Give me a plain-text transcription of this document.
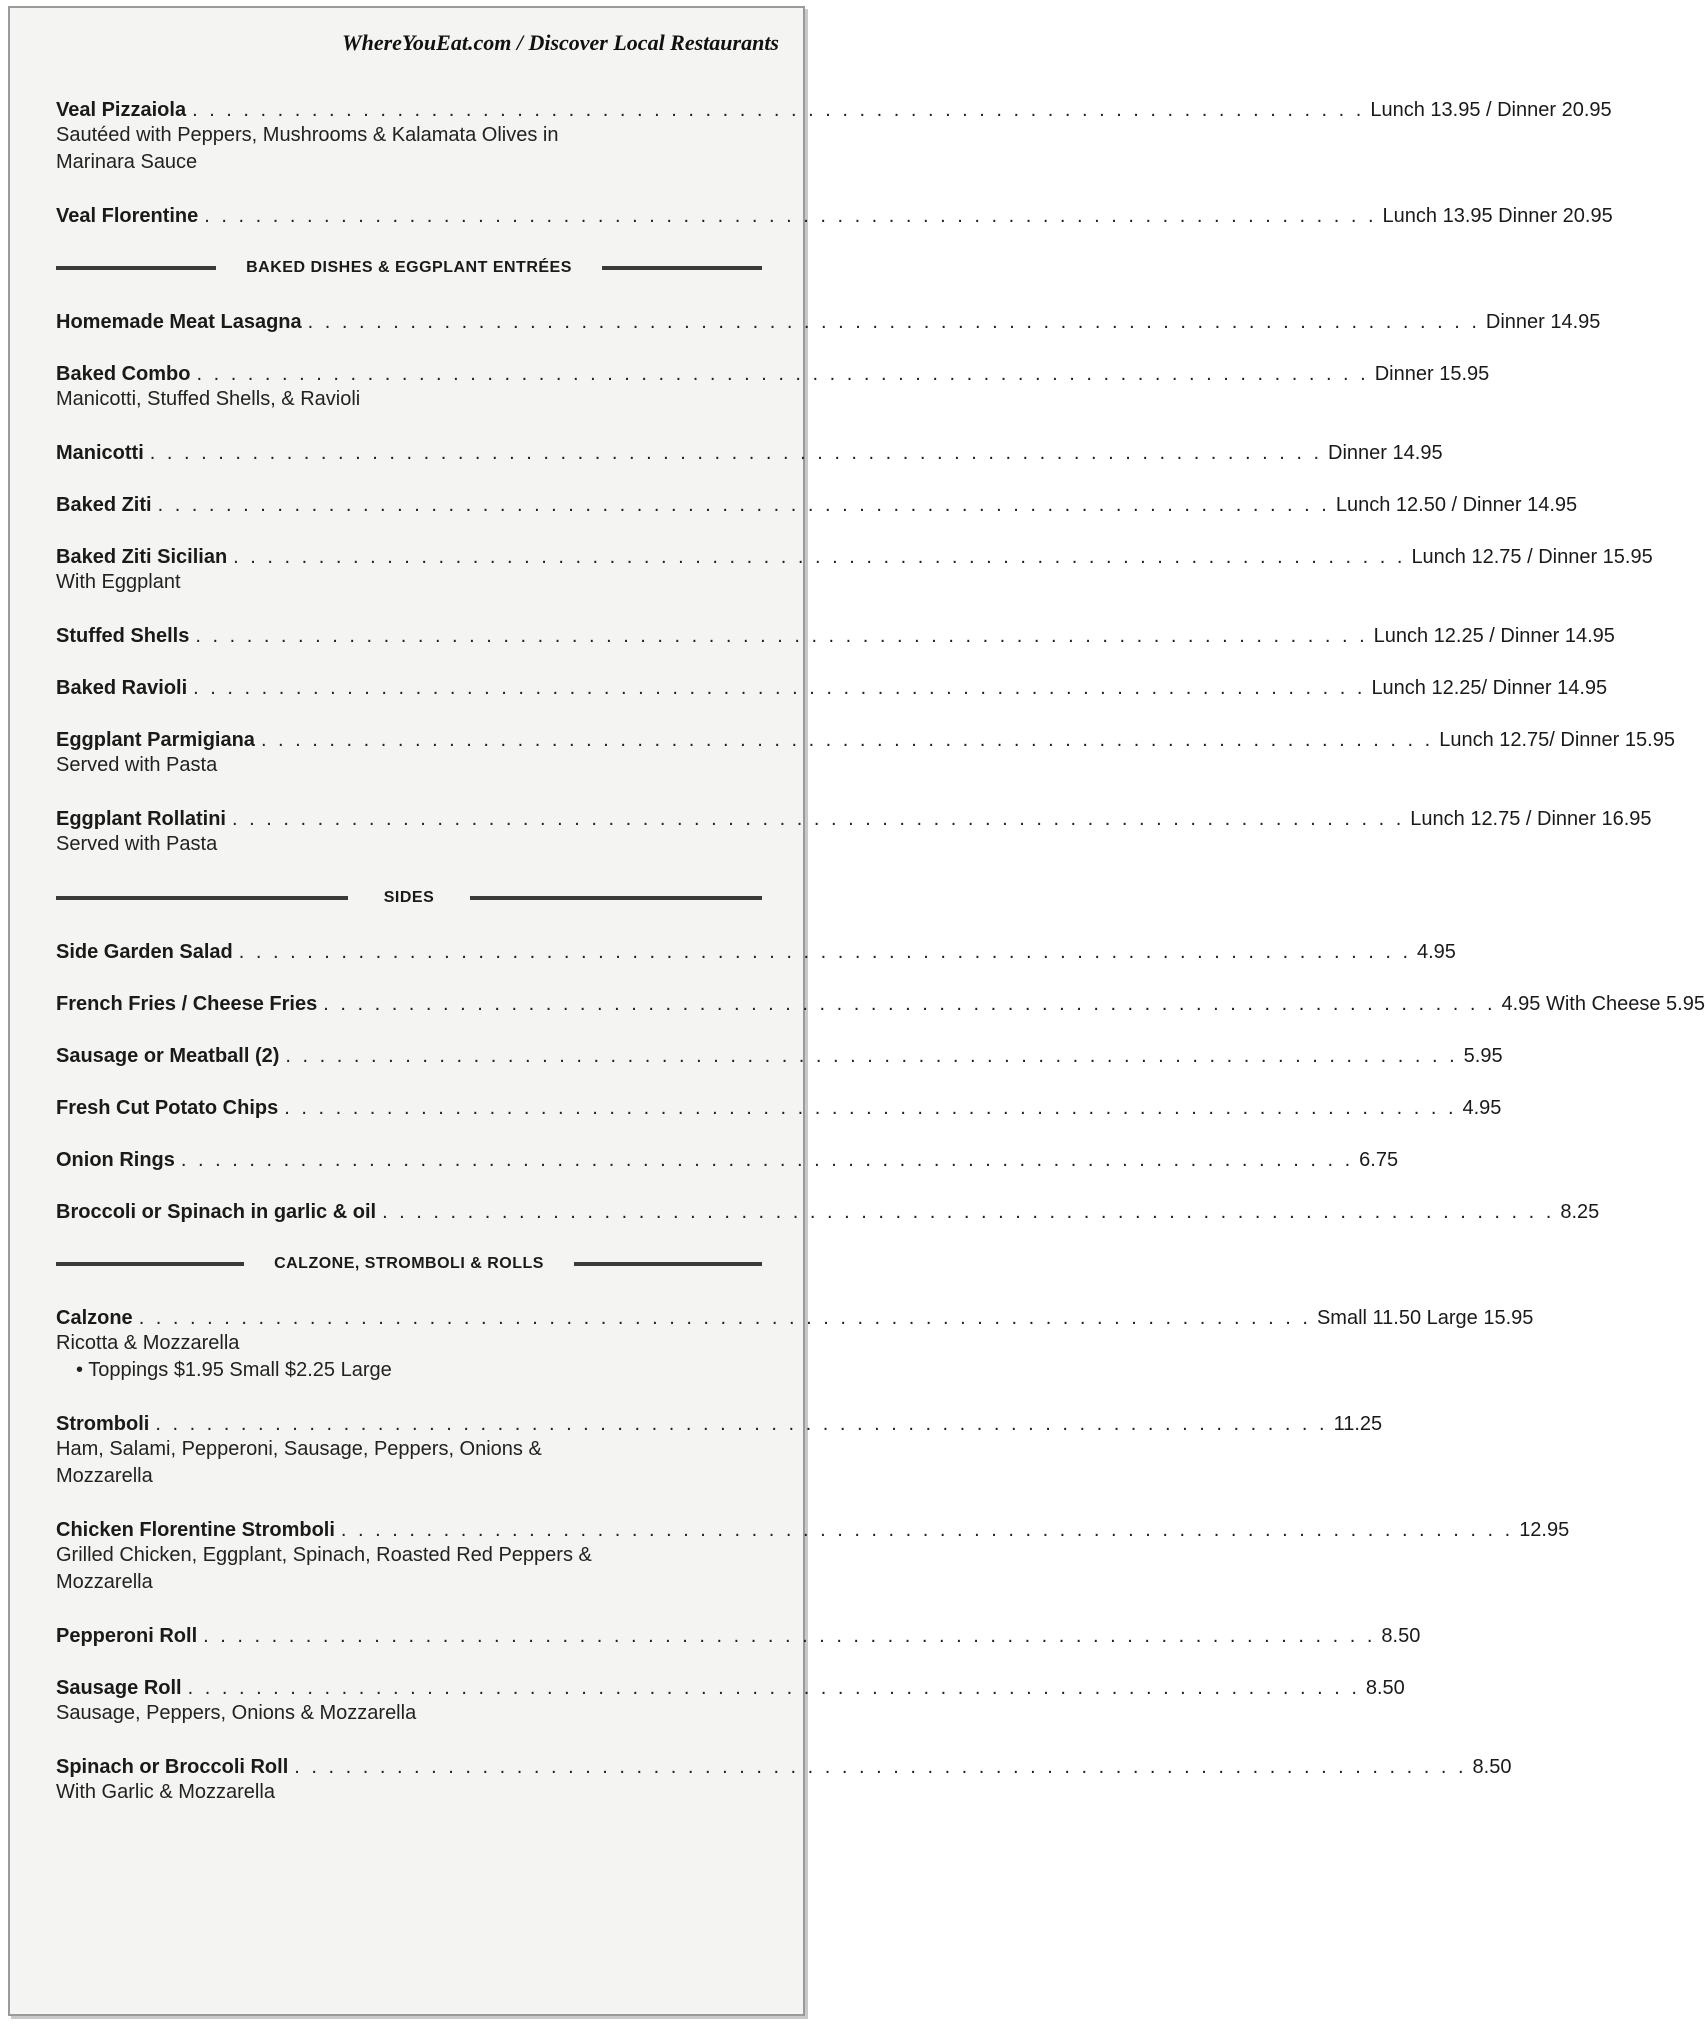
WhereYouEat.com / Discover Local Restaurants
Veal Pizzaiola . . . . . . . . . . . . . . . . . . . . . . . . . . . . . . . . . . . . . . . . . . . . . . . . . . . . . . . . . . . . . . . . . . . . . Lunch 13.95 / Dinner 20.95
Sautéed with Peppers, Mushrooms & Kalamata Olives in
Marinara Sauce
Veal Florentine . . . . . . . . . . . . . . . . . . . . . . . . . . . . . . . . . . . . . . . . . . . . . . . . . . . . . . . . . . . . . . . . . . . . . Lunch 13.95 Dinner 20.95
BAKED DISHES & EGGPLANT ENTRÉES
Homemade Meat Lasagna . . . . . . . . . . . . . . . . . . . . . . . . . . . . . . . . . . . . . . . . . . . . . . . . . . . . . . . . . . . . . . . . . . . . . Dinner 14.95
Baked Combo . . . . . . . . . . . . . . . . . . . . . . . . . . . . . . . . . . . . . . . . . . . . . . . . . . . . . . . . . . . . . . . . . . . . . Dinner 15.95
Manicotti, Stuffed Shells, & Ravioli
Manicotti . . . . . . . . . . . . . . . . . . . . . . . . . . . . . . . . . . . . . . . . . . . . . . . . . . . . . . . . . . . . . . . . . . . . . Dinner 14.95
Baked Ziti . . . . . . . . . . . . . . . . . . . . . . . . . . . . . . . . . . . . . . . . . . . . . . . . . . . . . . . . . . . . . . . . . . . . . Lunch 12.50 / Dinner 14.95
Baked Ziti Sicilian . . . . . . . . . . . . . . . . . . . . . . . . . . . . . . . . . . . . . . . . . . . . . . . . . . . . . . . . . . . . . . . . . . . . . Lunch 12.75 / Dinner 15.95
With Eggplant
Stuffed Shells . . . . . . . . . . . . . . . . . . . . . . . . . . . . . . . . . . . . . . . . . . . . . . . . . . . . . . . . . . . . . . . . . . . . . Lunch 12.25 / Dinner 14.95
Baked Ravioli . . . . . . . . . . . . . . . . . . . . . . . . . . . . . . . . . . . . . . . . . . . . . . . . . . . . . . . . . . . . . . . . . . . . . Lunch 12.25/ Dinner 14.95
Eggplant Parmigiana . . . . . . . . . . . . . . . . . . . . . . . . . . . . . . . . . . . . . . . . . . . . . . . . . . . . . . . . . . . . . . . . . . . . . Lunch 12.75/ Dinner 15.95
Served with Pasta
Eggplant Rollatini . . . . . . . . . . . . . . . . . . . . . . . . . . . . . . . . . . . . . . . . . . . . . . . . . . . . . . . . . . . . . . . . . . . . . Lunch 12.75 / Dinner 16.95
Served with Pasta
SIDES
Side Garden Salad . . . . . . . . . . . . . . . . . . . . . . . . . . . . . . . . . . . . . . . . . . . . . . . . . . . . . . . . . . . . . . . . . . . . . 4.95
French Fries / Cheese Fries . . . . . . . . . . . . . . . . . . . . . . . . . . . . . . . . . . . . . . . . . . . . . . . . . . . . . . . . . . . . . . . . . . . . . 4.95 With Cheese 5.95
Sausage or Meatball (2) . . . . . . . . . . . . . . . . . . . . . . . . . . . . . . . . . . . . . . . . . . . . . . . . . . . . . . . . . . . . . . . . . . . . . 5.95
Fresh Cut Potato Chips . . . . . . . . . . . . . . . . . . . . . . . . . . . . . . . . . . . . . . . . . . . . . . . . . . . . . . . . . . . . . . . . . . . . . 4.95
Onion Rings . . . . . . . . . . . . . . . . . . . . . . . . . . . . . . . . . . . . . . . . . . . . . . . . . . . . . . . . . . . . . . . . . . . . . 6.75
Broccoli or Spinach in garlic & oil . . . . . . . . . . . . . . . . . . . . . . . . . . . . . . . . . . . . . . . . . . . . . . . . . . . . . . . . . . . . . . . . . . . . . 8.25
CALZONE, STROMBOLI & ROLLS
Calzone . . . . . . . . . . . . . . . . . . . . . . . . . . . . . . . . . . . . . . . . . . . . . . . . . . . . . . . . . . . . . . . . . . . . . Small 11.50 Large 15.95
Ricotta & Mozzarella
• Toppings $1.95 Small $2.25 Large
Stromboli . . . . . . . . . . . . . . . . . . . . . . . . . . . . . . . . . . . . . . . . . . . . . . . . . . . . . . . . . . . . . . . . . . . . . 11.25
Ham, Salami, Pepperoni, Sausage, Peppers, Onions &
Mozzarella
Chicken Florentine Stromboli . . . . . . . . . . . . . . . . . . . . . . . . . . . . . . . . . . . . . . . . . . . . . . . . . . . . . . . . . . . . . . . . . . . . . 12.95
Grilled Chicken, Eggplant, Spinach, Roasted Red Peppers &
Mozzarella
Pepperoni Roll . . . . . . . . . . . . . . . . . . . . . . . . . . . . . . . . . . . . . . . . . . . . . . . . . . . . . . . . . . . . . . . . . . . . . 8.50
Sausage Roll . . . . . . . . . . . . . . . . . . . . . . . . . . . . . . . . . . . . . . . . . . . . . . . . . . . . . . . . . . . . . . . . . . . . . 8.50
Sausage, Peppers, Onions & Mozzarella
Spinach or Broccoli Roll . . . . . . . . . . . . . . . . . . . . . . . . . . . . . . . . . . . . . . . . . . . . . . . . . . . . . . . . . . . . . . . . . . . . . 8.50
With Garlic & Mozzarella
